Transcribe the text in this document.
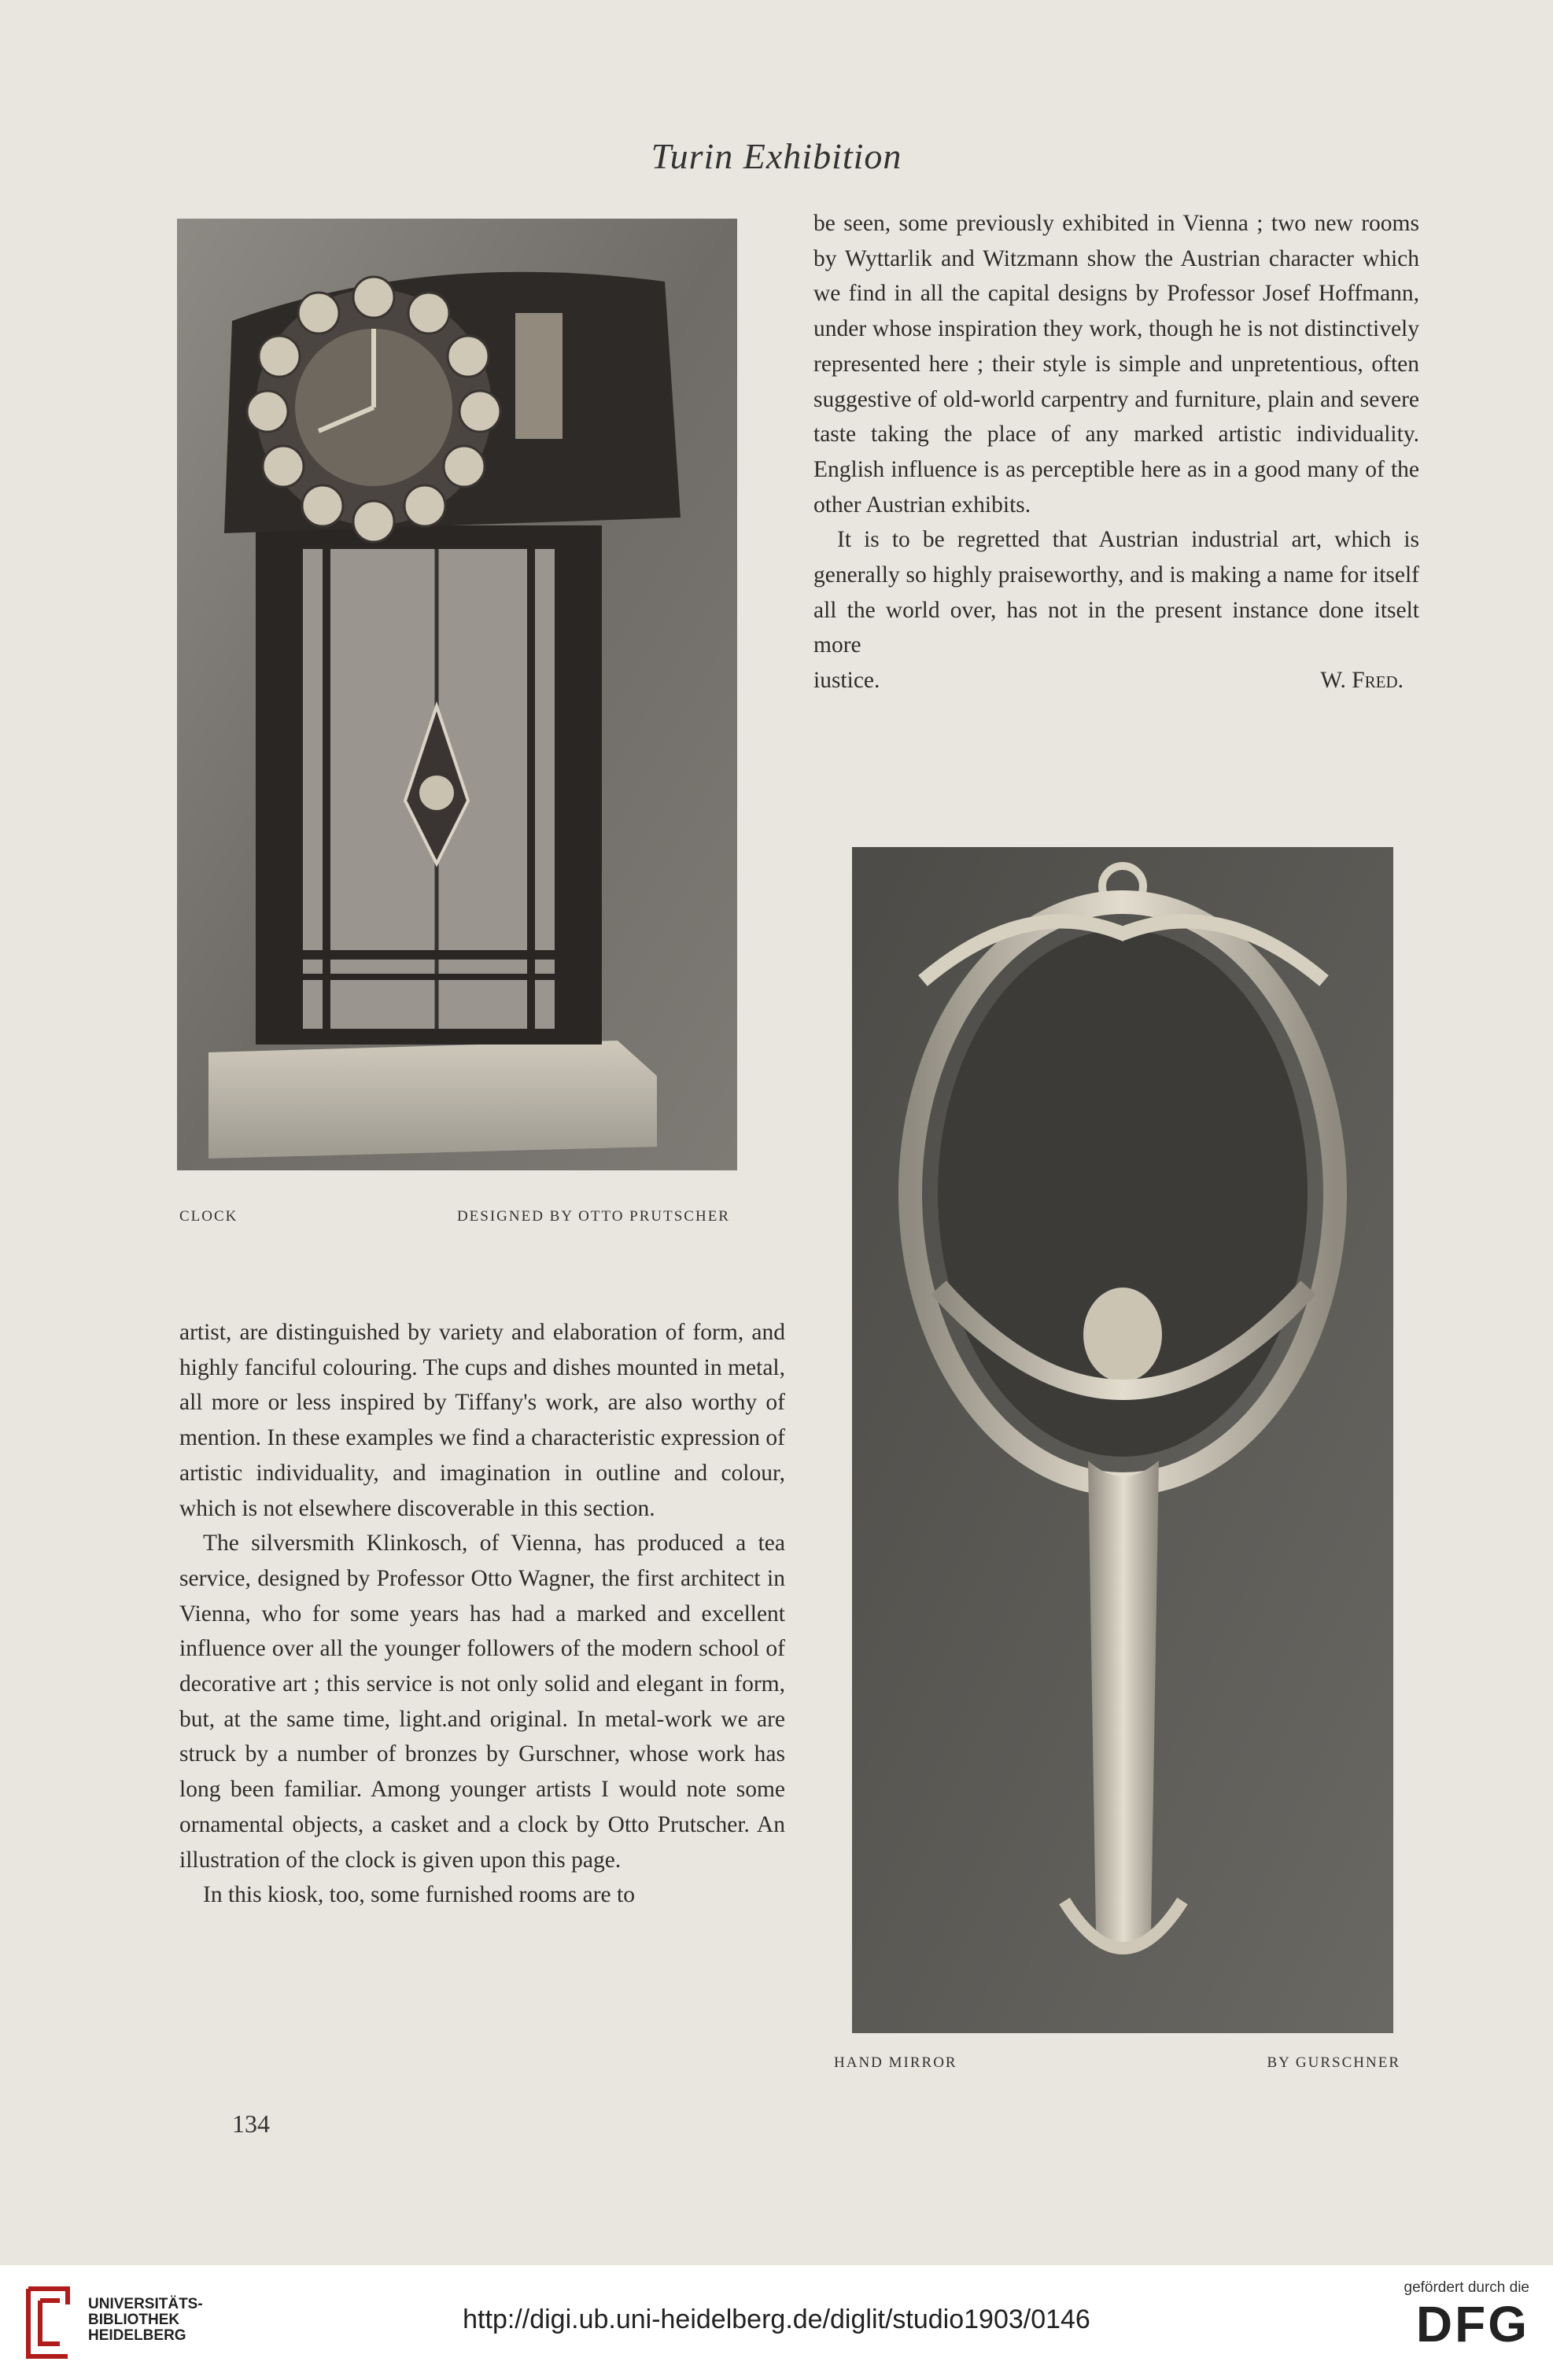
Turin Exhibition
CLOCK	DESIGNED BY OTTO PRUTSCHER

be seen, some previously exhibited in Vienna ; two new rooms by Wyttarlik and Witzmann show the Austrian character which we find in all the capital designs by Professor Josef Hoffmann, under whose inspiration they work, though he is not distinctively represented here ; their style is simple and unpretentious, often suggestive of old-world carpentry and furniture, plain and severe taste taking the place of any marked artistic individuality. English influence is as perceptible here as in a good many of the other Austrian exhibits.

It is to be regretted that Austrian industrial art, which is generally so highly praiseworthy, and is making a name for itself all the world over, has not in the present instance done itselt more

iustice.	W. Fred.

artist, are distinguished by variety and elaboration of form, and highly fanciful colouring. The cups and dishes mounted in metal, all more or less inspired by Tiffany's work, are also worthy of mention. In these examples we find a characteristic expression of artistic individuality, and imagination in outline and colour, which is not elsewhere discoverable in this section.

The silversmith Klinkosch, of Vienna, has produced a tea service, designed by Professor Otto Wagner, the first architect in Vienna, who for some years has had a marked and excellent influence over all the younger followers of the modern school of decorative art ; this service is not only solid and elegant in form, but, at the same time, light.and original. In metal-work we are struck by a number of bronzes by Gurschner, whose work has long been familiar. Among younger artists I would note some ornamental objects, a casket and a clock by Otto Prutscher. An illustration of the clock is given upon this page.

In this kiosk, too, some furnished rooms are to

HAND MIRROR	BY GURSCHNER
134
UNIVERSITÄTS-
BIBLIOTHEK
HEIDELBERG
http://digi.ub.uni-heidelberg.de/diglit/studio1903/0146
gefördert durch die
DFG
